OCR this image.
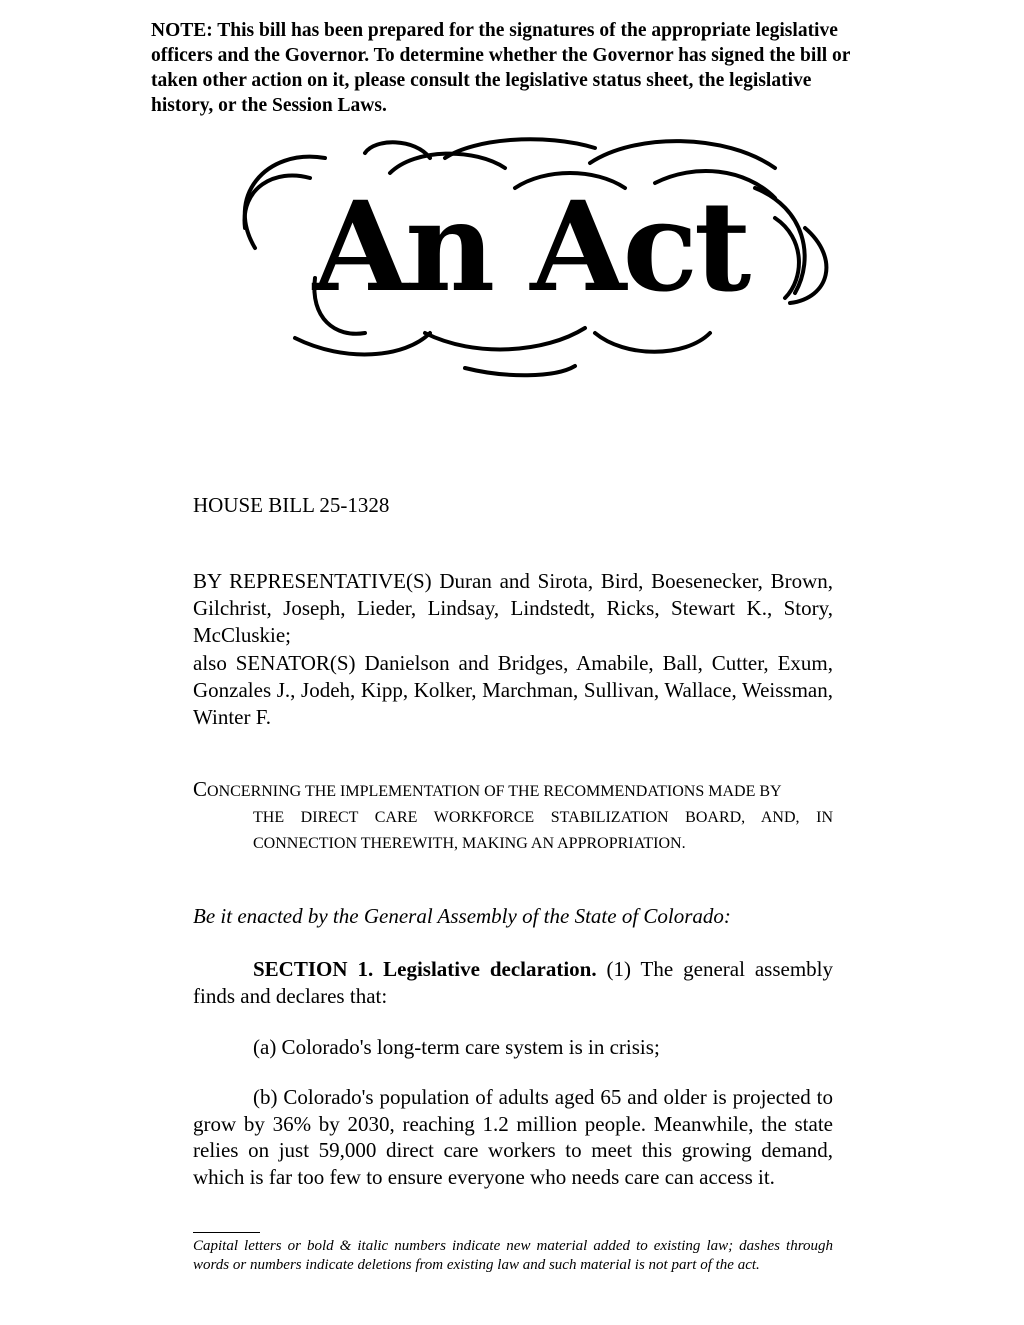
NOTE: This bill has been prepared for the signatures of the appropriate legislative officers and the Governor. To determine whether the Governor has signed the bill or taken other action on it, please consult the legislative status sheet, the legislative history, or the Session Laws.
An Act
HOUSE BILL 25-1328

BY REPRESENTATIVE(S) Duran and Sirota, Bird, Boesenecker, Brown, Gilchrist, Joseph, Lieder, Lindsay, Lindstedt, Ricks, Stewart K., Story, McCluskie;

also SENATOR(S) Danielson and Bridges, Amabile, Ball, Cutter, Exum, Gonzales J., Jodeh, Kipp, Kolker, Marchman, Sullivan, Wallace, Weissman, Winter F.

CONCERNING THE IMPLEMENTATION OF THE RECOMMENDATIONS MADE BY
THE DIRECT CARE WORKFORCE STABILIZATION BOARD, AND, IN
CONNECTION THEREWITH, MAKING AN APPROPRIATION.
Be it enacted by the General Assembly of the State of Colorado:
SECTION 1. Legislative declaration. (1) The general assembly finds and declares that:
(a) Colorado's long-term care system is in crisis;
(b) Colorado's population of adults aged 65 and older is projected to grow by 36% by 2030, reaching 1.2 million people. Meanwhile, the state relies on just 59,000 direct care workers to meet this growing demand, which is far too few to ensure everyone who needs care can access it.
Capital letters or bold & italic numbers indicate new material added to existing law; dashes through words or numbers indicate deletions from existing law and such material is not part of the act.
